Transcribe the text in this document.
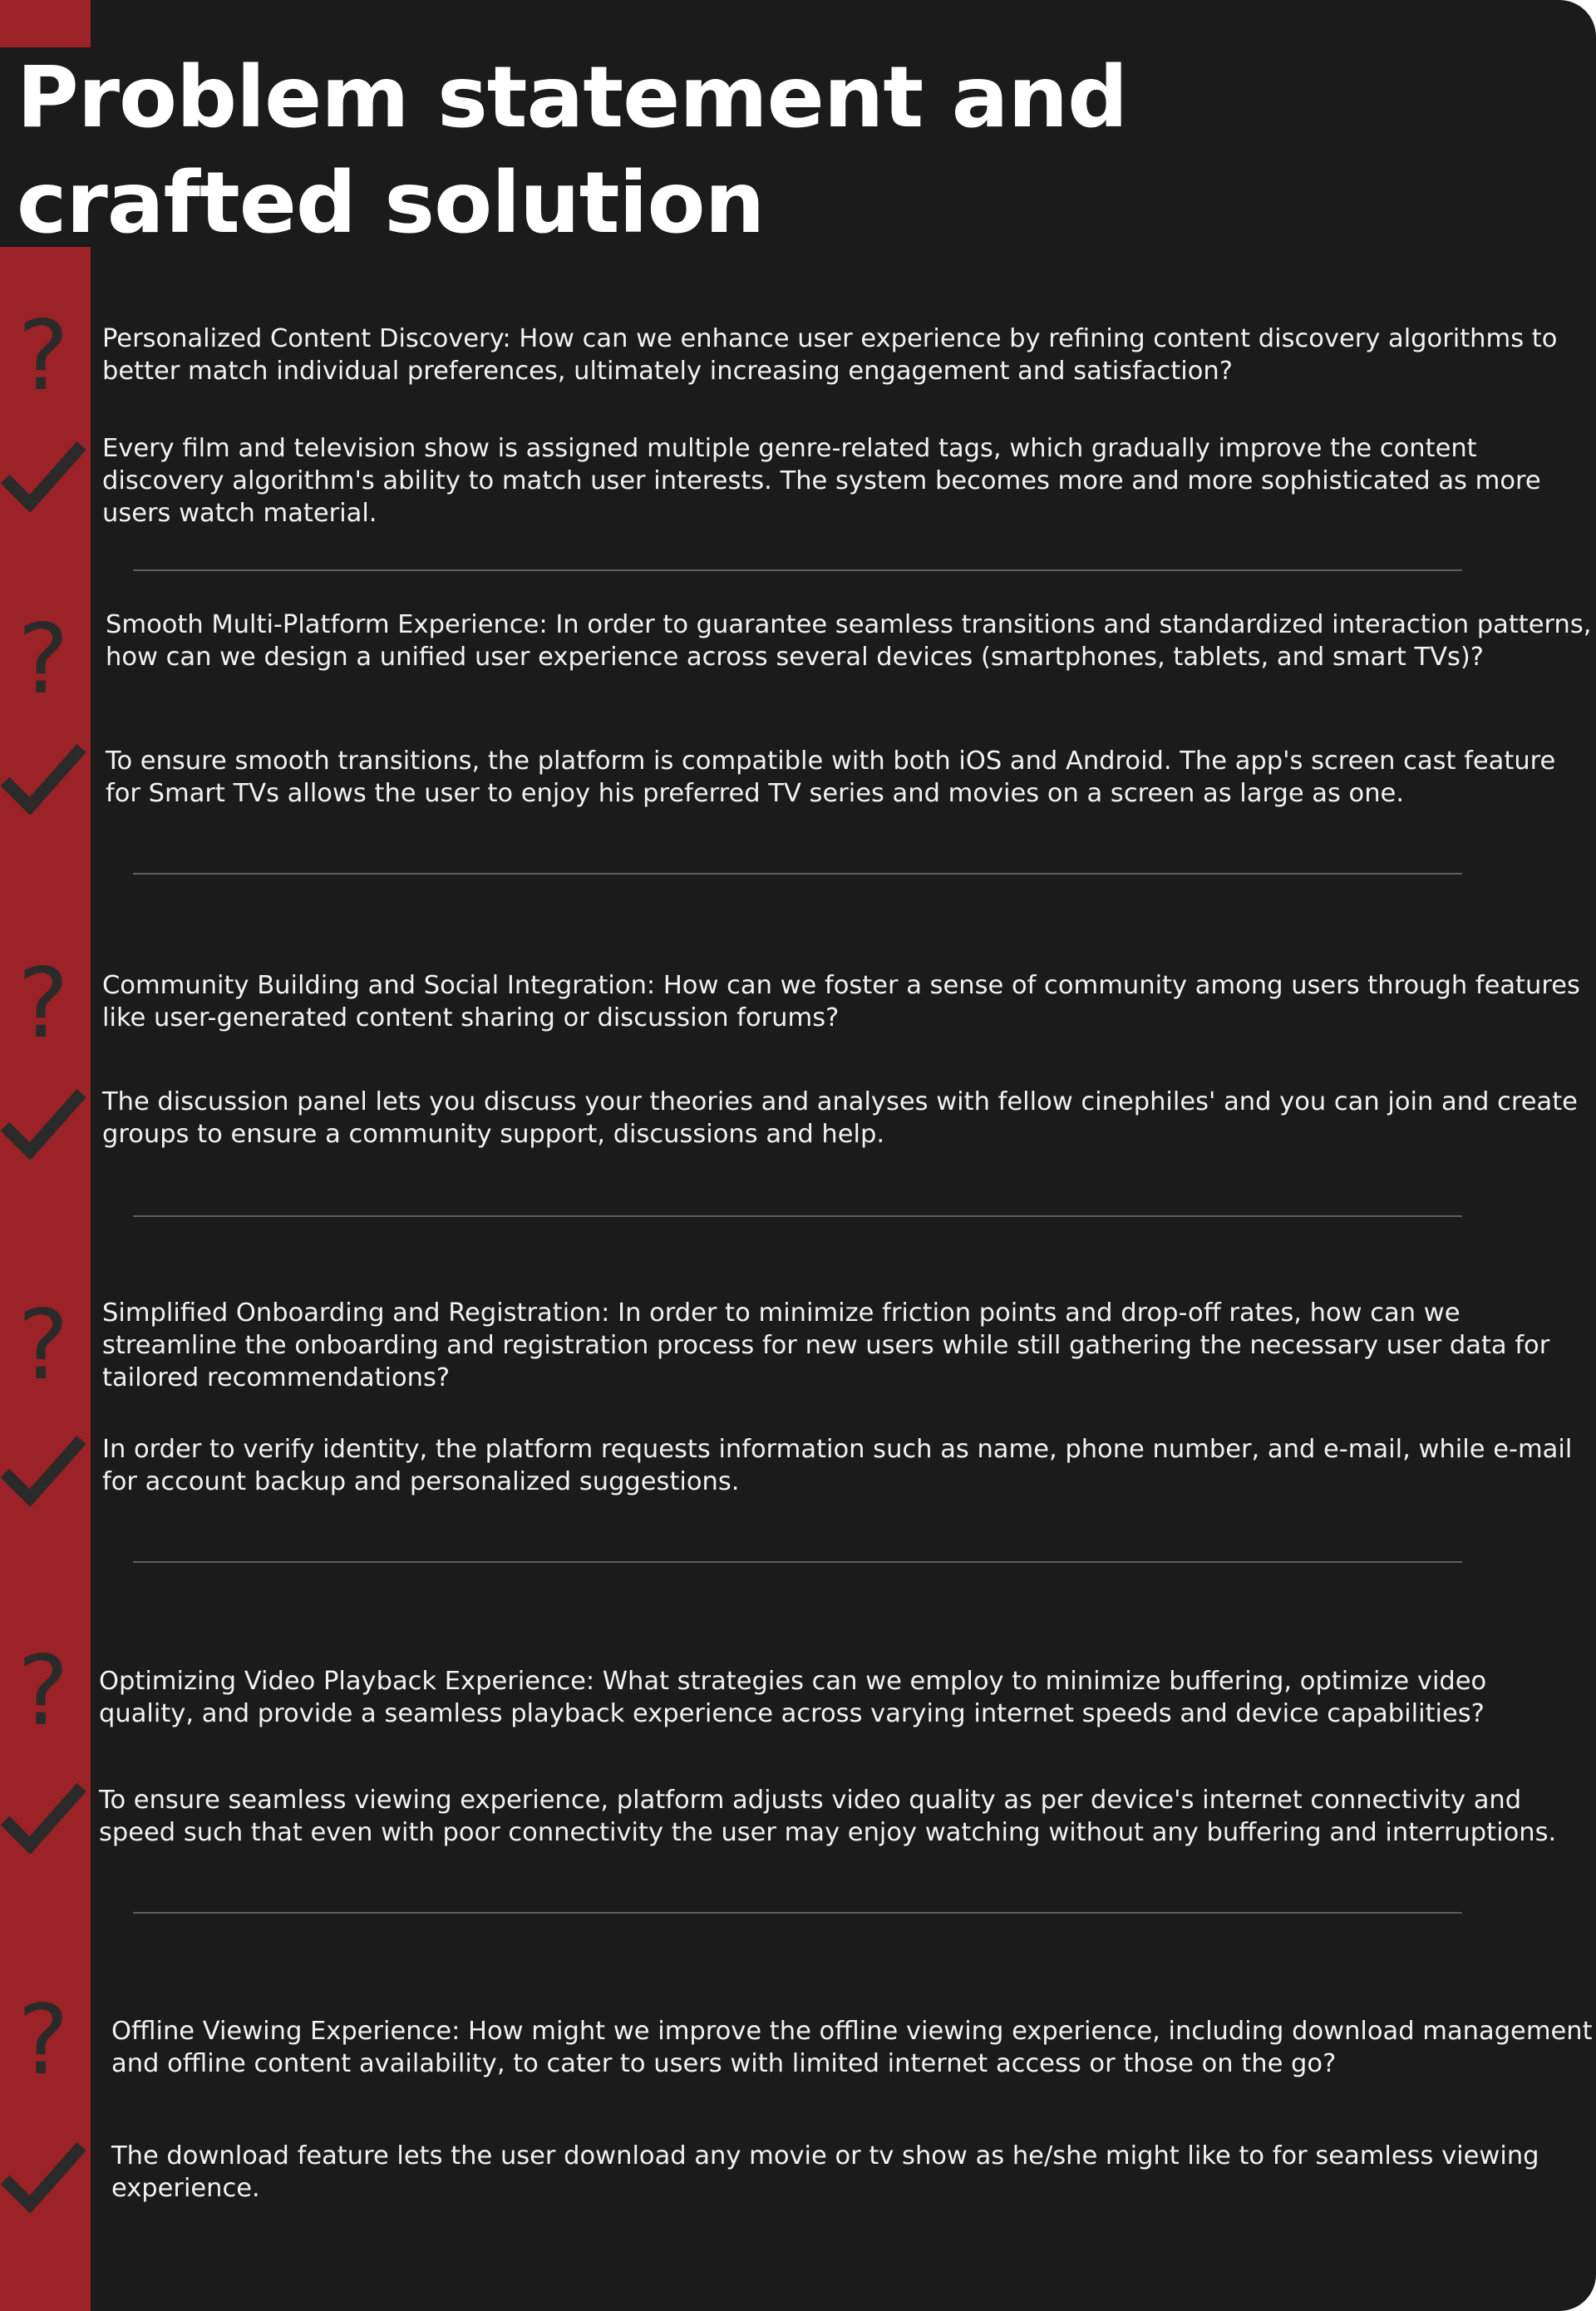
Problem statement and crafted solution
?	Personalized Content Discovery: How can we enhance user experience by refining content discovery algorithms to better match individual preferences, ultimately increasing engagement and satisfaction?
Every film and television show is assigned multiple genre-related tags, which gradually improve the content discovery algorithm's ability to match user interests. The system becomes more and more sophisticated as more users watch material.
?	Smooth Multi-Platform Experience: In order to guarantee seamless transitions and standardized interaction patterns, how can we design a unified user experience across several devices (smartphones, tablets, and smart TVs)?
To ensure smooth transitions, the platform is compatible with both iOS and Android. The app's screen cast feature for Smart TVs allows the user to enjoy his preferred TV series and movies on a screen as large as one.
?	Community Building and Social Integration: How can we foster a sense of community among users through features like user-generated content sharing or discussion forums?
The discussion panel lets you discuss your theories and analyses with fellow cinephiles' and you can join and create groups to ensure a community support, discussions and help.
?	Simplified Onboarding and Registration: In order to minimize friction points and drop-off rates, how can we streamline the onboarding and registration process for new users while still gathering the necessary user data for tailored recommendations?
In order to verify identity, the platform requests information such as name, phone number, and e-mail, while e-mail for account backup and personalized suggestions.
?	Optimizing Video Playback Experience: What strategies can we employ to minimize buffering, optimize video quality, and provide a seamless playback experience across varying internet speeds and device capabilities?
To ensure seamless viewing experience, platform adjusts video quality as per device's internet connectivity and speed such that even with poor connectivity the user may enjoy watching without any buffering and interruptions.
?	Offline Viewing Experience: How might we improve the offline viewing experience, including download management and offline content availability, to cater to users with limited internet access or those on the go?
The download feature lets the user download any movie or tv show as he/she might like to for seamless viewing experience.
